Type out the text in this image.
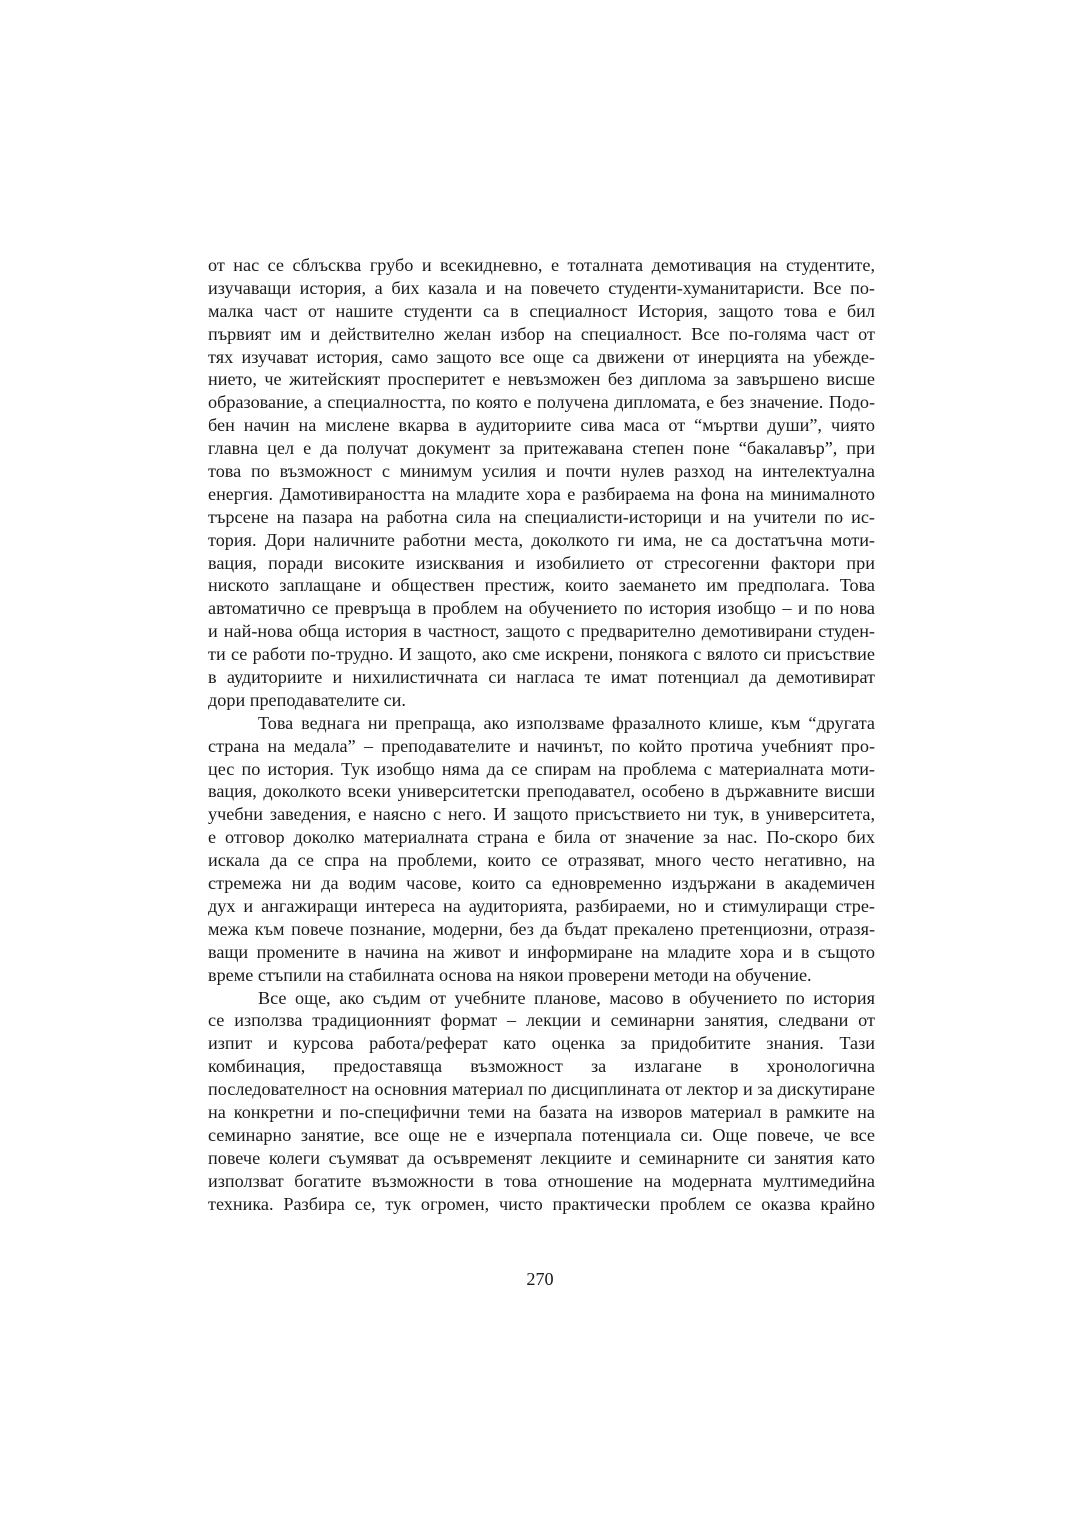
от нас се сблъсква грубо и всекидневно, е тоталната демотивация на студентите,
изучаващи история, а бих казала и на повечето студенти-хуманитаристи. Все по-
малка част от нашите студенти са в специалност История, защото това е бил
първият им и действително желан избор на специалност. Все по-голяма част от
тях изучават история, само защото все още са движени от инерцията на убежде-
нието, че житейският просперитет е невъзможен без диплома за завършено висше
образование, а специалността, по която е получена дипломата, е без значение. Подо-
бен начин на мислене вкарва в аудиториите сива маса от “мъртви души”, чиято
главна цел е да получат документ за притежавана степен поне “бакалавър”, при
това по възможност с минимум усилия и почти нулев разход на интелектуална
енергия. Дамотивираността на младите хора е разбираема на фона на минималното
търсене на пазара на работна сила на специалисти-историци и на учители по ис-
тория. Дори наличните работни места, доколкото ги има, не са достатъчна моти-
вация, поради високите изисквания и изобилието от стресогенни фактори при
ниското заплащане и обществен престиж, които заеманeто им предполага. Това
автоматично се превръща в проблем на обучението по история изобщо – и по нова
и най-нова обща история в частност, защото с предварително демотивирани студен-
ти се работи по-трудно. И защото, ако сме искрени, понякога с вялото си присъствие
в аудиториите и нихилистичната си нагласа те имат потенциал да демотивират
дори преподавателите си.
Това веднага ни препраща, ако използваме фразалното клише, към “другата
страна на медала” – преподавателите и начинът, по който протича учебният про-
цес по история. Тук изобщо няма да се спирам на проблема с материалната моти-
вация, доколкото всеки университетски преподавател, особено в държавните висши
учебни заведения, е наясно с него. И защото присъствието ни тук, в университета,
е отговор доколко материалната страна е била от значение за нас. По-скоро бих
искала да се спра на проблеми, които се отразяват, много често негативно, на
стремежа ни да водим часове, които са едновременно издържани в академичен
дух и ангажиращи интереса на аудиторията, разбираеми, но и стимулиращи стре-
межа към повече познание, модерни, без да бъдат прекалено претенциозни, отразя-
ващи промените в начина на живот и информиране на младите хора и в същото
време стъпили на стабилната основа на някои проверени методи на обучение.
Все още, ако съдим от учебните планове, масово в обучението по история
се използва традиционният формат – лекции и семинарни занятия, следвани от
изпит и курсова работа/реферат като оценка за придобитите знания. Тази
комбинация, предоставяща възможност за излагане в хронологична
последователност на основния материал по дисциплината от лектор и за дискутиране
на конкретни и по-специфични теми на базата на изворов материал в рамките на
семинарно занятие, все още не е изчерпала потенциала си. Още повече, че все
повече колеги съумяват да осъвременят лекциите и семинарните си занятия като
използват богатите възможности в това отношение на модерната мултимедийна
техника. Разбира се, тук огромен, чисто практически проблем се оказва крайно
270
